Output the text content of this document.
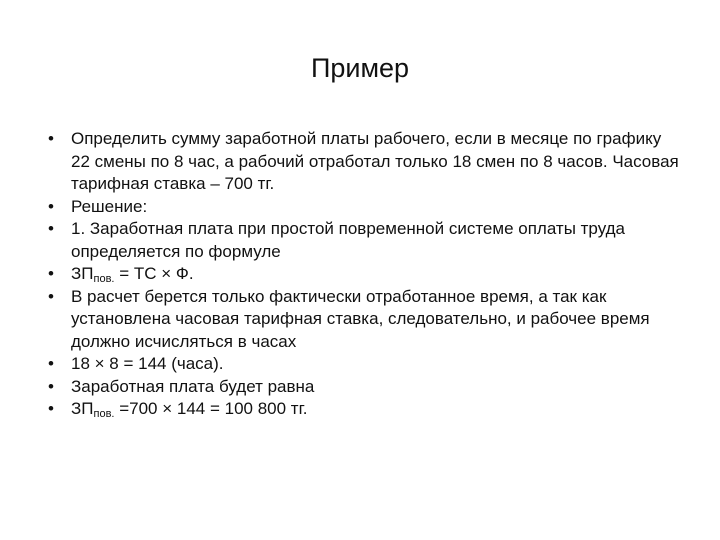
Пример
• Определить сумму заработной платы рабочего, если в месяце по графику 22 смены по 8 час, а рабочий отработал только 18 смен по 8 часов. Часовая тарифная ставка – 700 тг.
• Решение:
• 1. Заработная плата при простой повременной системе оплаты труда определяется по формуле
• $ЗП_{пов.}$ = ТС × Ф.
• В расчет берется только фактически отработанное время, а так как установлена часовая тарифная ставка, следовательно, и рабочее время должно исчисляться в часах
• 18 × 8 = 144 (часа).
• Заработная плата будет равна
• $ЗП_{пов.} =700 \times 144 = 100$ 800 тг.
